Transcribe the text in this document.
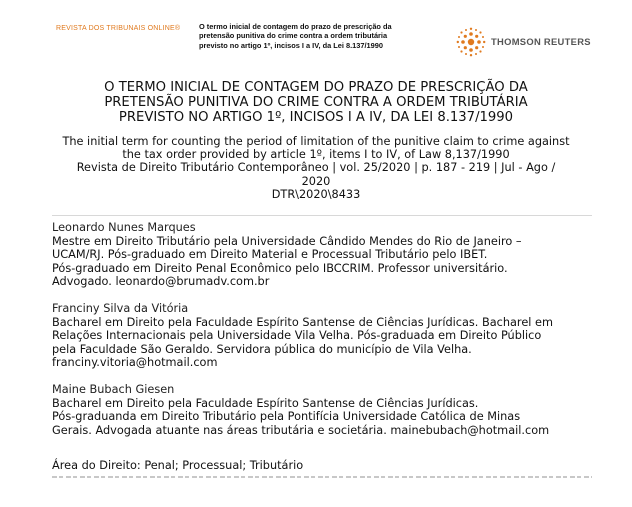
REVISTA DOS TRIBUNAIS ONLINE®	O termo inicial de contagem do prazo de prescrição da
pretensão punitiva do crime contra a ordem tributária
previsto no artigo 1º, incisos I a IV, da Lei 8.137/1990	THOMSON REUTERS
O TERMO INICIAL DE CONTAGEM DO PRAZO DE PRESCRIÇÃO DA
PRETENSÃO PUNITIVA DO CRIME CONTRA A ORDEM TRIBUTÁRIA
PREVISTO NO ARTIGO 1º, INCISOS I A IV, DA LEI 8.137/1990
The initial term for counting the period of limitation of the punitive claim to crime against
the tax order provided by article 1º, items I to IV, of Law 8,137/1990
Revista de Direito Tributário Contemporâneo | vol. 25/2020 | p. 187 - 219 | Jul - Ago /
2020
DTR\2020\8433
Leonardo Nunes Marques
Mestre em Direito Tributário pela Universidade Cândido Mendes do Rio de Janeiro –
UCAM/RJ. Pós-graduado em Direito Material e Processual Tributário pelo IBET.
Pós-graduado em Direito Penal Econômico pelo IBCCRIM. Professor universitário.
Advogado. leonardo@brumadv.com.br
Franciny Silva da Vitória
Bacharel em Direito pela Faculdade Espírito Santense de Ciências Jurídicas. Bacharel em
Relações Internacionais pela Universidade Vila Velha. Pós-graduada em Direito Público
pela Faculdade São Geraldo. Servidora pública do município de Vila Velha.
franciny.vitoria@hotmail.com
Maine Bubach Giesen
Bacharel em Direito pela Faculdade Espírito Santense de Ciências Jurídicas.
Pós-graduanda em Direito Tributário pela Pontifícia Universidade Católica de Minas
Gerais. Advogada atuante nas áreas tributária e societária. mainebubach@hotmail.com
Área do Direito: Penal; Processual; Tributário
